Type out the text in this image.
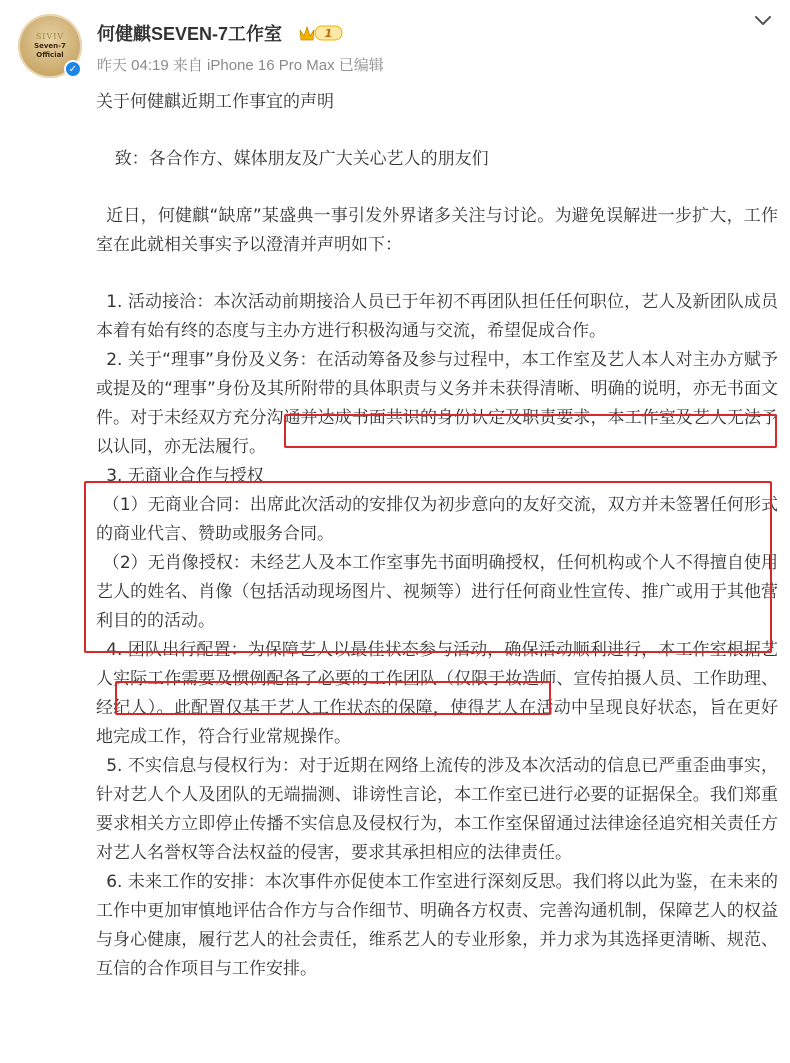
SIVIV
Seven-7
Official
✓
何健麒SEVEN-7工作室	1
昨天 04:19 来自 iPhone 16 Pro Max 已编辑

关于何健麒近期工作事宜的声明

致：各合作方、媒体朋友及广大关心艺人的朋友们

近日，何健麒“缺席”某盛典一事引发外界诸多关注与讨论。为避免误解进一步扩大，工作室在此就相关事实予以澄清并声明如下：

1. 活动接洽：本次活动前期接洽人员已于年初不再团队担任任何职位，艺人及新团队成员本着有始有终的态度与主办方进行积极沟通与交流，希望促成合作。

2. 关于“理事”身份及义务：在活动筹备及参与过程中，本工作室及艺人本人对主办方赋予或提及的“理事”身份及其所附带的具体职责与义务并未获得清晰、明确的说明，亦无书面文件。对于未经双方充分沟通并达成书面共识的身份认定及职责要求，本工作室及艺人无法予以认同，亦无法履行。

3. 无商业合作与授权

（1）无商业合同：出席此次活动的安排仅为初步意向的友好交流，双方并未签署任何形式的商业代言、赞助或服务合同。

（2）无肖像授权：未经艺人及本工作室事先书面明确授权，任何机构或个人不得擅自使用艺人的姓名、肖像（包括活动现场图片、视频等）进行任何商业性宣传、推广或用于其他营利目的的活动。

4. 团队出行配置：为保障艺人以最佳状态参与活动，确保活动顺利进行，本工作室根据艺人实际工作需要及惯例配备了必要的工作团队（仅限于妆造师、宣传拍摄人员、工作助理、经纪人）。此配置仅基于艺人工作状态的保障，使得艺人在活动中呈现良好状态，旨在更好地完成工作，符合行业常规操作。

5. 不实信息与侵权行为：对于近期在网络上流传的涉及本次活动的信息已严重歪曲事实，针对艺人个人及团队的无端揣测、诽谤性言论，本工作室已进行必要的证据保全。我们郑重要求相关方立即停止传播不实信息及侵权行为，本工作室保留通过法律途径追究相关责任方对艺人名誉权等合法权益的侵害，要求其承担相应的法律责任。

6. 未来工作的安排：本次事件亦促使本工作室进行深刻反思。我们将以此为鉴，在未来的工作中更加审慎地评估合作方与合作细节、明确各方权责、完善沟通机制，保障艺人的权益与身心健康，履行艺人的社会责任，维系艺人的专业形象，并力求为其选择更清晰、规范、互信的合作项目与工作安排。
